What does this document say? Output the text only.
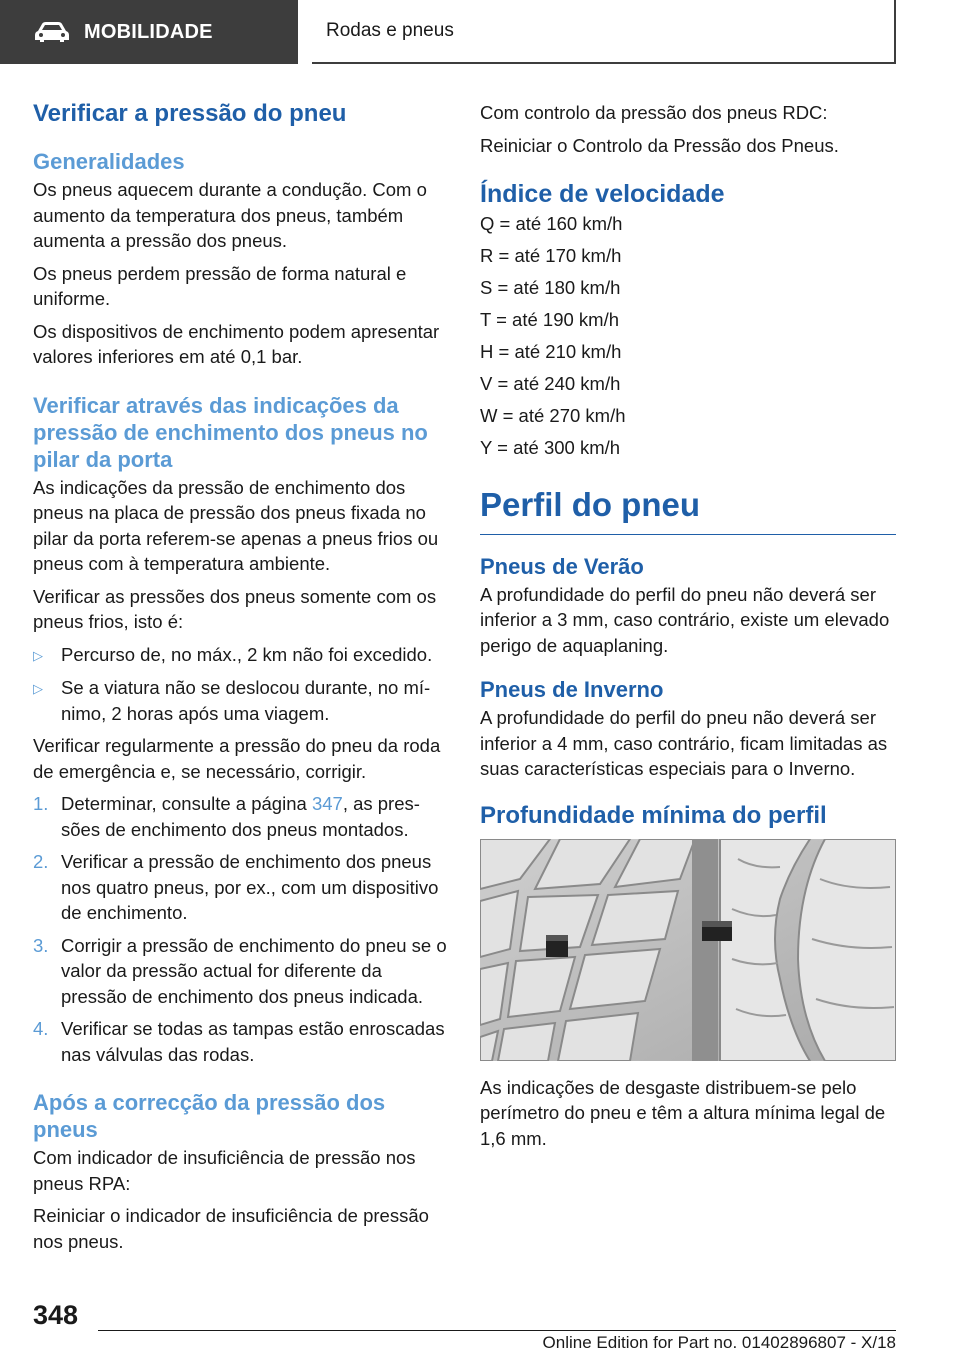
MOBILIDADE	Rodas e pneus
Verificar a pressão do pneu
Generalidades

Os pneus aquecem durante a condução. Com o aumento da temperatura dos pneus, também aumenta a pressão dos pneus.

Os pneus perdem pressão de forma natural e uniforme.

Os dispositivos de enchimento podem apresentar valores inferiores em até 0,1 bar.

Verificar através das indicações da pressão de enchimento dos pneus no pilar da porta

As indicações da pressão de enchimento dos pneus na placa de pressão dos pneus fixada no pilar da porta referem-se apenas a pneus frios ou pneus com à temperatura ambiente.

Verificar as pressões dos pneus somente com os pneus frios, isto é:

▷ Percurso de, no máx., 2 km não foi excedido.
▷ Se a viatura não se deslocou durante, no mínimo, 2 horas após uma viagem.

Verificar regularmente a pressão do pneu da roda de emergência e, se necessário, corrigir.

1. Determinar, consulte a página 347, as pressões de enchimento dos pneus montados.
2. Verificar a pressão de enchimento dos pneus nos quatro pneus, por ex., com um dispositivo de enchimento.
3. Corrigir a pressão de enchimento do pneu se o valor da pressão actual for diferente da pressão de enchimento dos pneus indicada.
4. Verificar se todas as tampas estão enroscadas nas válvulas das rodas.
Após a correcção da pressão dos pneus

Com indicador de insuficiência de pressão nos pneus RPA:

Reiniciar o indicador de insuficiência de pressão nos pneus.

Com controlo da pressão dos pneus RDC:

Reiniciar o Controlo da Pressão dos Pneus.

Índice de velocidade

Q = até 160 km/h

R = até 170 km/h

S = até 180 km/h

T = até 190 km/h

H = até 210 km/h

V = até 240 km/h

W = até 270 km/h

Y = até 300 km/h

Perfil do pneu
Pneus de Verão

A profundidade do perfil do pneu não deverá ser inferior a 3 mm, caso contrário, existe um elevado perigo de aquaplaning.

Pneus de Inverno

A profundidade do perfil do pneu não deverá ser inferior a 4 mm, caso contrário, ficam limitadas as suas características especiais para o Inverno.

Profundidade mínima do perfil

As indicações de desgaste distribuem-se pelo perímetro do pneu e têm a altura mínima legal de 1,6 mm.

348
Online Edition for Part no. 01402896807 - X/18
